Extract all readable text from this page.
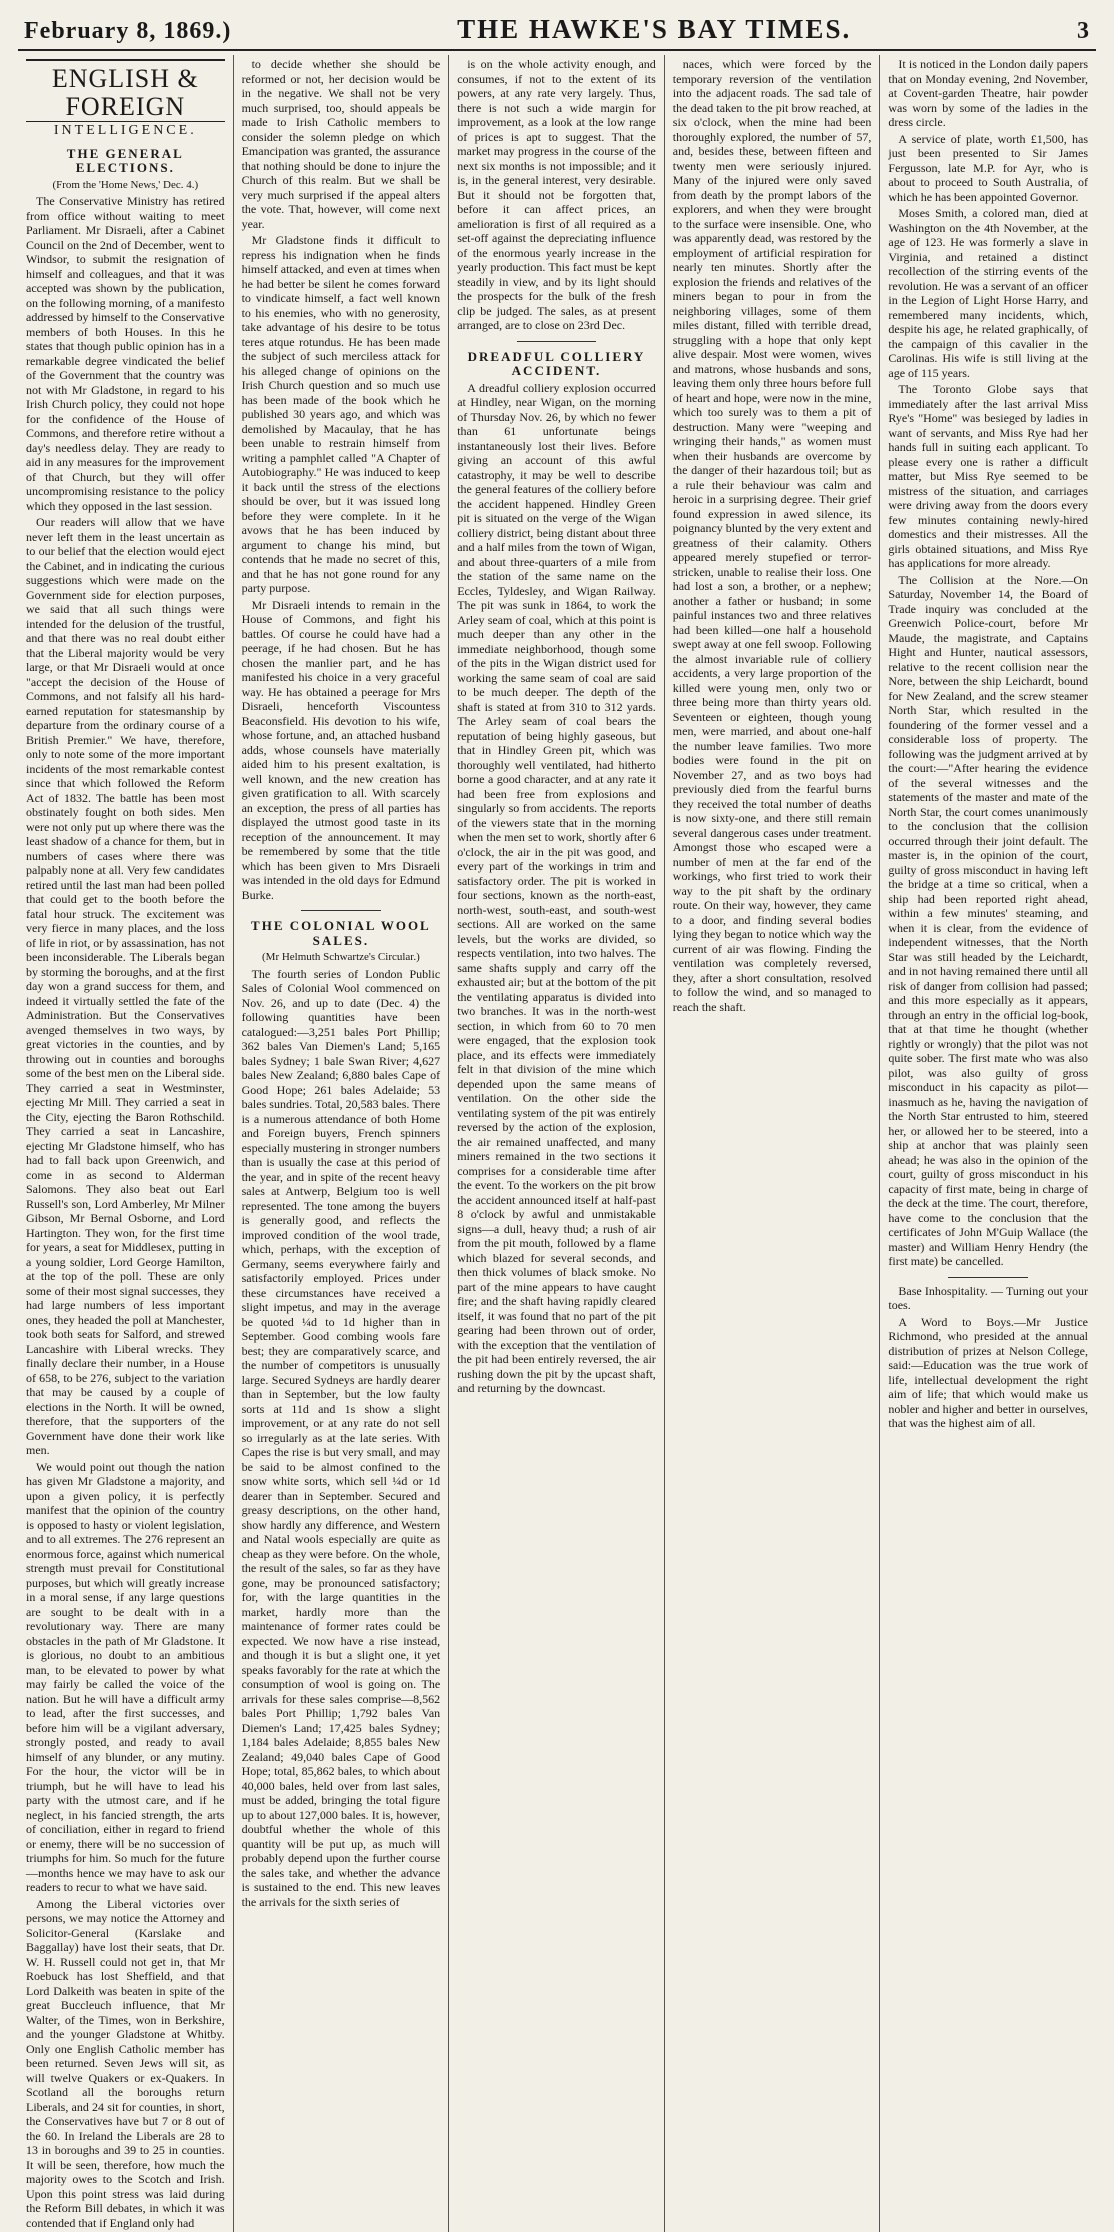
February 8, 1869.)	THE HAWKE'S BAY TIMES.	3
ENGLISH & FOREIGN
INTELLIGENCE.
THE GENERAL ELECTIONS.
(From the 'Home News,' Dec. 4.)

The Conservative Ministry has retired from office without waiting to meet Parliament. Mr Disraeli, after a Cabinet Council on the 2nd of December, went to Windsor, to submit the resignation of himself and colleagues, and that it was accepted was shown by the publication, on the following morning, of a manifesto addressed by himself to the Conservative members of both Houses. In this he states that though public opinion has in a remarkable degree vindicated the belief of the Government that the country was not with Mr Gladstone, in regard to his Irish Church policy, they could not hope for the confidence of the House of Commons, and therefore retire without a day's needless delay. They are ready to aid in any measures for the improvement of that Church, but they will offer uncompromising resistance to the policy which they opposed in the last session.

Our readers will allow that we have never left them in the least uncertain as to our belief that the election would eject the Cabinet, and in indicating the curious suggestions which were made on the Government side for election purposes, we said that all such things were intended for the delusion of the trustful, and that there was no real doubt either that the Liberal majority would be very large, or that Mr Disraeli would at once "accept the decision of the House of Commons, and not falsify all his hard-earned reputation for statesmanship by departure from the ordinary course of a British Premier." We have, therefore, only to note some of the more important incidents of the most remarkable contest since that which followed the Reform Act of 1832. The battle has been most obstinately fought on both sides. Men were not only put up where there was the least shadow of a chance for them, but in numbers of cases where there was palpably none at all. Very few candidates retired until the last man had been polled that could get to the booth before the fatal hour struck. The excitement was very fierce in many places, and the loss of life in riot, or by assassination, has not been inconsiderable. The Liberals began by storming the boroughs, and at the first day won a grand success for them, and indeed it virtually settled the fate of the Administration. But the Conservatives avenged themselves in two ways, by great victories in the counties, and by throwing out in counties and boroughs some of the best men on the Liberal side. They carried a seat in Westminster, ejecting Mr Mill. They carried a seat in the City, ejecting the Baron Rothschild. They carried a seat in Lancashire, ejecting Mr Gladstone himself, who has had to fall back upon Greenwich, and come in as second to Alderman Salomons. They also beat out Earl Russell's son, Lord Amberley, Mr Milner Gibson, Mr Bernal Osborne, and Lord Hartington. They won, for the first time for years, a seat for Middlesex, putting in a young soldier, Lord George Hamilton, at the top of the poll. These are only some of their most signal successes, they had large numbers of less important ones, they headed the poll at Manchester, took both seats for Salford, and strewed Lancashire with Liberal wrecks. They finally declare their number, in a House of 658, to be 276, subject to the variation that may be caused by a couple of elections in the North. It will be owned, therefore, that the supporters of the Government have done their work like men.

We would point out though the nation has given Mr Gladstone a majority, and upon a given policy, it is perfectly manifest that the opinion of the country is opposed to hasty or violent legislation, and to all extremes. The 276 represent an enormous force, against which numerical strength must prevail for Constitutional purposes, but which will greatly increase in a moral sense, if any large questions are sought to be dealt with in a revolutionary way. There are many obstacles in the path of Mr Gladstone. It is glorious, no doubt to an ambitious man, to be elevated to power by what may fairly be called the voice of the nation. But he will have a difficult army to lead, after the first successes, and before him will be a vigilant adversary, strongly posted, and ready to avail himself of any blunder, or any mutiny. For the hour, the victor will be in triumph, but he will have to lead his party with the utmost care, and if he neglect, in his fancied strength, the arts of conciliation, either in regard to friend or enemy, there will be no succession of triumphs for him. So much for the future—months hence we may have to ask our readers to recur to what we have said.

Among the Liberal victories over persons, we may notice the Attorney and Solicitor-General (Karslake and Baggallay) have lost their seats, that Dr. W. H. Russell could not get in, that Mr Roebuck has lost Sheffield, and that Lord Dalkeith was beaten in spite of the great Buccleuch influence, that Mr Walter, of the Times, won in Berkshire, and the younger Gladstone at Whitby. Only one English Catholic member has been returned. Seven Jews will sit, as will twelve Quakers or ex-Quakers. In Scotland all the boroughs return Liberals, and 24 sit for counties, in short, the Conservatives have but 7 or 8 out of the 60. In Ireland the Liberals are 28 to 13 in boroughs and 39 to 25 in counties. It will be seen, therefore, how much the majority owes to the Scotch and Irish. Upon this point stress was laid during the Reform Bill debates, in which it was contended that if England only had

to decide whether she should be reformed or not, her decision would be in the negative. We shall not be very much surprised, too, should appeals be made to Irish Catholic members to consider the solemn pledge on which Emancipation was granted, the assurance that nothing should be done to injure the Church of this realm. But we shall be very much surprised if the appeal alters the vote. That, however, will come next year.

Mr Gladstone finds it difficult to repress his indignation when he finds himself attacked, and even at times when he had better be silent he comes forward to vindicate himself, a fact well known to his enemies, who with no generosity, take advantage of his desire to be totus teres atque rotundus. He has been made the subject of such merciless attack for his alleged change of opinions on the Irish Church question and so much use has been made of the book which he published 30 years ago, and which was demolished by Macaulay, that he has been unable to restrain himself from writing a pamphlet called "A Chapter of Autobiography." He was induced to keep it back until the stress of the elections should be over, but it was issued long before they were complete. In it he avows that he has been induced by argument to change his mind, but contends that he made no secret of this, and that he has not gone round for any party purpose.

Mr Disraeli intends to remain in the House of Commons, and fight his battles. Of course he could have had a peerage, if he had chosen. But he has chosen the manlier part, and he has manifested his choice in a very graceful way. He has obtained a peerage for Mrs Disraeli, henceforth Viscountess Beaconsfield. His devotion to his wife, whose fortune, and, an attached husband adds, whose counsels have materially aided him to his present exaltation, is well known, and the new creation has given gratification to all. With scarcely an exception, the press of all parties has displayed the utmost good taste in its reception of the announcement. It may be remembered by some that the title which has been given to Mrs Disraeli was intended in the old days for Edmund Burke.

THE COLONIAL WOOL SALES.
(Mr Helmuth Schwartze's Circular.)

The fourth series of London Public Sales of Colonial Wool commenced on Nov. 26, and up to date (Dec. 4) the following quantities have been catalogued:—3,251 bales Port Phillip; 362 bales Van Diemen's Land; 5,165 bales Sydney; 1 bale Swan River; 4,627 bales New Zealand; 6,880 bales Cape of Good Hope; 261 bales Adelaide; 53 bales sundries. Total, 20,583 bales. There is a numerous attendance of both Home and Foreign buyers, French spinners especially mustering in stronger numbers than is usually the case at this period of the year, and in spite of the recent heavy sales at Antwerp, Belgium too is well represented. The tone among the buyers is generally good, and reflects the improved condition of the wool trade, which, perhaps, with the exception of Germany, seems everywhere fairly and satisfactorily employed. Prices under these circumstances have received a slight impetus, and may in the average be quoted ¼d to 1d higher than in September. Good combing wools fare best; they are comparatively scarce, and the number of competitors is unusually large. Secured Sydneys are hardly dearer than in September, but the low faulty sorts at 11d and 1s show a slight improvement, or at any rate do not sell so irregularly as at the late series. With Capes the rise is but very small, and may be said to be almost confined to the snow white sorts, which sell ¼d or 1d dearer than in September. Secured and greasy descriptions, on the other hand, show hardly any difference, and Western and Natal wools especially are quite as cheap as they were before. On the whole, the result of the sales, so far as they have gone, may be pronounced satisfactory; for, with the large quantities in the market, hardly more than the maintenance of former rates could be expected. We now have a rise instead, and though it is but a slight one, it yet speaks favorably for the rate at which the consumption of wool is going on. The arrivals for these sales comprise—8,562 bales Port Phillip; 1,792 bales Van Diemen's Land; 17,425 bales Sydney; 1,184 bales Adelaide; 8,855 bales New Zealand; 49,040 bales Cape of Good Hope; total, 85,862 bales, to which about 40,000 bales, held over from last sales, must be added, bringing the total figure up to about 127,000 bales. It is, however, doubtful whether the whole of this quantity will be put up, as much will probably depend upon the further course the sales take, and whether the advance is sustained to the end. This new leaves the arrivals for the sixth series of

is on the whole activity enough, and consumes, if not to the extent of its powers, at any rate very largely. Thus, there is not such a wide margin for improvement, as a look at the low range of prices is apt to suggest. That the market may progress in the course of the next six months is not impossible; and it is, in the general interest, very desirable. But it should not be forgotten that, before it can affect prices, an amelioration is first of all required as a set-off against the depreciating influence of the enormous yearly increase in the yearly production. This fact must be kept steadily in view, and by its light should the prospects for the bulk of the fresh clip be judged. The sales, as at present arranged, are to close on 23rd Dec.

DREADFUL COLLIERY ACCIDENT.

A dreadful colliery explosion occurred at Hindley, near Wigan, on the morning of Thursday Nov. 26, by which no fewer than 61 unfortunate beings instantaneously lost their lives. Before giving an account of this awful catastrophy, it may be well to describe the general features of the colliery before the accident happened. Hindley Green pit is situated on the verge of the Wigan colliery district, being distant about three and a half miles from the town of Wigan, and about three-quarters of a mile from the station of the same name on the Eccles, Tyldesley, and Wigan Railway. The pit was sunk in 1864, to work the Arley seam of coal, which at this point is much deeper than any other in the immediate neighborhood, though some of the pits in the Wigan district used for working the same seam of coal are said to be much deeper. The depth of the shaft is stated at from 310 to 312 yards. The Arley seam of coal bears the reputation of being highly gaseous, but that in Hindley Green pit, which was thoroughly well ventilated, had hitherto borne a good character, and at any rate it had been free from explosions and singularly so from accidents. The reports of the viewers state that in the morning when the men set to work, shortly after 6 o'clock, the air in the pit was good, and every part of the workings in trim and satisfactory order. The pit is worked in four sections, known as the north-east, north-west, south-east, and south-west sections. All are worked on the same levels, but the works are divided, so respects ventilation, into two halves. The same shafts supply and carry off the exhausted air; but at the bottom of the pit the ventilating apparatus is divided into two branches. It was in the north-west section, in which from 60 to 70 men were engaged, that the explosion took place, and its effects were immediately felt in that division of the mine which depended upon the same means of ventilation. On the other side the ventilating system of the pit was entirely reversed by the action of the explosion, the air remained unaffected, and many miners remained in the two sections it comprises for a considerable time after the event. To the workers on the pit brow the accident announced itself at half-past 8 o'clock by awful and unmistakable signs—a dull, heavy thud; a rush of air from the pit mouth, followed by a flame which blazed for several seconds, and then thick volumes of black smoke. No part of the mine appears to have caught fire; and the shaft having rapidly cleared itself, it was found that no part of the pit gearing had been thrown out of order, with the exception that the ventilation of the pit had been entirely reversed, the air rushing down the pit by the upcast shaft, and returning by the downcast.

naces, which were forced by the temporary reversion of the ventilation into the adjacent roads. The sad tale of the dead taken to the pit brow reached, at six o'clock, when the mine had been thoroughly explored, the number of 57, and, besides these, between fifteen and twenty men were seriously injured. Many of the injured were only saved from death by the prompt labors of the explorers, and when they were brought to the surface were insensible. One, who was apparently dead, was restored by the employment of artificial respiration for nearly ten minutes. Shortly after the explosion the friends and relatives of the miners began to pour in from the neighboring villages, some of them miles distant, filled with terrible dread, struggling with a hope that only kept alive despair. Most were women, wives and matrons, whose husbands and sons, leaving them only three hours before full of heart and hope, were now in the mine, which too surely was to them a pit of destruction. Many were "weeping and wringing their hands," as women must when their husbands are overcome by the danger of their hazardous toil; but as a rule their behaviour was calm and heroic in a surprising degree. Their grief found expression in awed silence, its poignancy blunted by the very extent and greatness of their calamity. Others appeared merely stupefied or terror-stricken, unable to realise their loss. One had lost a son, a brother, or a nephew; another a father or husband; in some painful instances two and three relatives had been killed—one half a household swept away at one fell swoop. Following the almost invariable rule of colliery accidents, a very large proportion of the killed were young men, only two or three being more than thirty years old. Seventeen or eighteen, though young men, were married, and about one-half the number leave families. Two more bodies were found in the pit on November 27, and as two boys had previously died from the fearful burns they received the total number of deaths is now sixty-one, and there still remain several dangerous cases under treatment. Amongst those who escaped were a number of men at the far end of the workings, who first tried to work their way to the pit shaft by the ordinary route. On their way, however, they came to a door, and finding several bodies lying they began to notice which way the current of air was flowing. Finding the ventilation was completely reversed, they, after a short consultation, resolved to follow the wind, and so managed to reach the shaft.

It is noticed in the London daily papers that on Monday evening, 2nd November, at Covent-garden Theatre, hair powder was worn by some of the ladies in the dress circle.

A service of plate, worth £1,500, has just been presented to Sir James Fergusson, late M.P. for Ayr, who is about to proceed to South Australia, of which he has been appointed Governor.

Moses Smith, a colored man, died at Washington on the 4th November, at the age of 123. He was formerly a slave in Virginia, and retained a distinct recollection of the stirring events of the revolution. He was a servant of an officer in the Legion of Light Horse Harry, and remembered many incidents, which, despite his age, he related graphically, of the campaign of this cavalier in the Carolinas. His wife is still living at the age of 115 years.

The Toronto Globe says that immediately after the last arrival Miss Rye's "Home" was besieged by ladies in want of servants, and Miss Rye had her hands full in suiting each applicant. To please every one is rather a difficult matter, but Miss Rye seemed to be mistress of the situation, and carriages were driving away from the doors every few minutes containing newly-hired domestics and their mistresses. All the girls obtained situations, and Miss Rye has applications for more already.

The Collision at the Nore.—On Saturday, November 14, the Board of Trade inquiry was concluded at the Greenwich Police-court, before Mr Maude, the magistrate, and Captains Hight and Hunter, nautical assessors, relative to the recent collision near the Nore, between the ship Leichardt, bound for New Zealand, and the screw steamer North Star, which resulted in the foundering of the former vessel and a considerable loss of property. The following was the judgment arrived at by the court:—"After hearing the evidence of the several witnesses and the statements of the master and mate of the North Star, the court comes unanimously to the conclusion that the collision occurred through their joint default. The master is, in the opinion of the court, guilty of gross misconduct in having left the bridge at a time so critical, when a ship had been reported right ahead, within a few minutes' steaming, and when it is clear, from the evidence of independent witnesses, that the North Star was still headed by the Leichardt, and in not having remained there until all risk of danger from collision had passed; and this more especially as it appears, through an entry in the official log-book, that at that time he thought (whether rightly or wrongly) that the pilot was not quite sober. The first mate who was also pilot, was also guilty of gross misconduct in his capacity as pilot—inasmuch as he, having the navigation of the North Star entrusted to him, steered her, or allowed her to be steered, into a ship at anchor that was plainly seen ahead; he was also in the opinion of the court, guilty of gross misconduct in his capacity of first mate, being in charge of the deck at the time. The court, therefore, have come to the conclusion that the certificates of John M'Guip Wallace (the master) and William Henry Hendry (the first mate) be cancelled.

Base Inhospitality. — Turning out your toes.

A Word to Boys.—Mr Justice Richmond, who presided at the annual distribution of prizes at Nelson College, said:—Education was the true work of life, intellectual development the right aim of life; that which would make us nobler and higher and better in ourselves, that was the highest aim of all.
